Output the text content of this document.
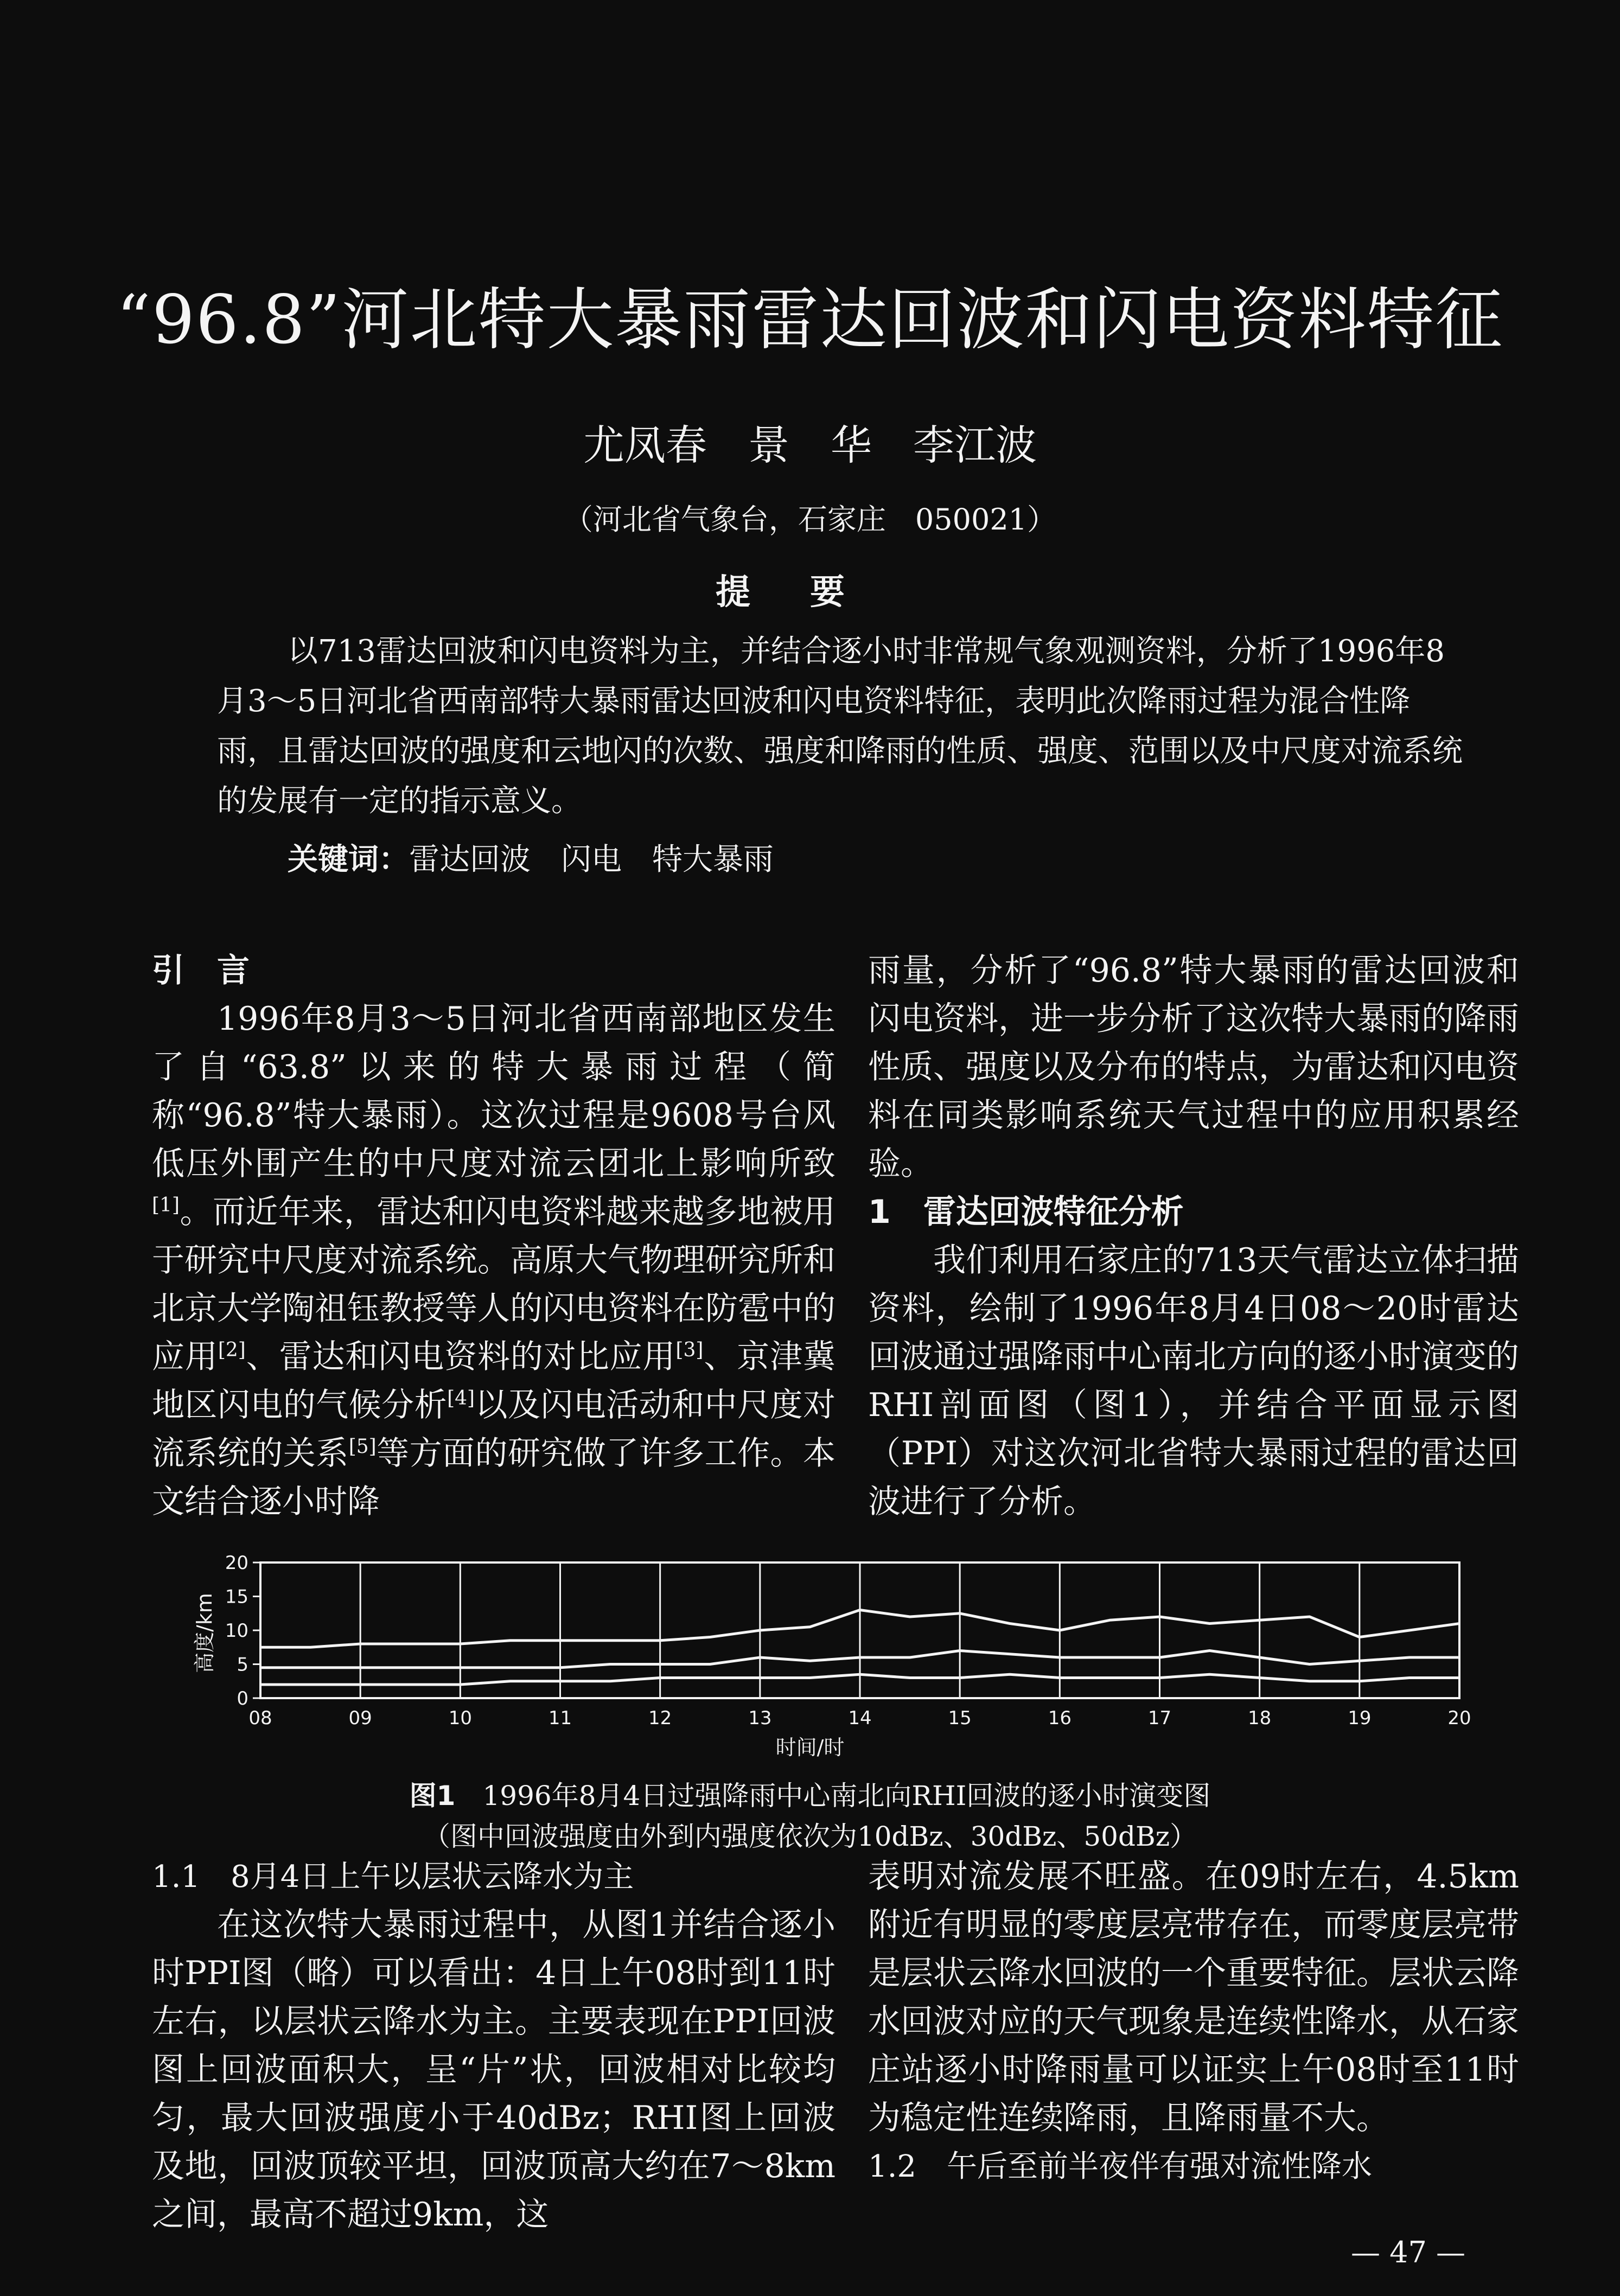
“96.8”河北特大暴雨雷达回波和闪电资料特征
尤凤春　景　华　李江波
（河北省气象台，石家庄　050021）
提要
以713雷达回波和闪电资料为主，并结合逐小时非常规气象观测资料，分析了1996年8月3～5日河北省西南部特大暴雨雷达回波和闪电资料特征，表明此次降雨过程为混合性降雨，且雷达回波的强度和云地闪的次数、强度和降雨的性质、强度、范围以及中尺度对流系统的发展有一定的指示意义。
关键词：雷达回波　闪电　特大暴雨
引　言

1996年8月3～5日河北省西南部地区发生了自“63.8”以来的特大暴雨过程（简称“96.8”特大暴雨）。这次过程是9608号台风低压外围产生的中尺度对流云团北上影响所致[1]。而近年来，雷达和闪电资料越来越多地被用于研究中尺度对流系统。高原大气物理研究所和北京大学陶祖钰教授等人的闪电资料在防雹中的应用[2]、雷达和闪电资料的对比应用[3]、京津冀地区闪电的气候分析[4]以及闪电活动和中尺度对流系统的关系[5]等方面的研究做了许多工作。本文结合逐小时降

雨量，分析了“96.8”特大暴雨的雷达回波和闪电资料，进一步分析了这次特大暴雨的降雨性质、强度以及分布的特点，为雷达和闪电资料在同类影响系统天气过程中的应用积累经验。

1　雷达回波特征分析

我们利用石家庄的713天气雷达立体扫描资料，绘制了1996年8月4日08～20时雷达回波通过强降雨中心南北方向的逐小时演变的RHI剖面图（图1），并结合平面显示图（PPI）对这次河北省特大暴雨过程的雷达回波进行了分析。

08	09	10	11	12	13	14	15	16	17	18	19	20
0
5
10
15
20
高度/km
时间/时
图1　 1996年8月4日过强降雨中心南北向RHI回波的逐小时演变图
（图中回波强度由外到内强度依次为10dBz、30dBz、50dBz）
1.1　8月4日上午以层状云降水为主

在这次特大暴雨过程中，从图1并结合逐小时PPI图（略）可以看出：4日上午08时到11时左右，以层状云降水为主。主要表现在PPI回波图上回波面积大，呈“片”状，回波相对比较均匀，最大回波强度小于40dBz；RHI图上回波及地，回波顶较平坦，回波顶高大约在7～8km之间，最高不超过9km，这

表明对流发展不旺盛。在09时左右，4.5km附近有明显的零度层亮带存在，而零度层亮带是层状云降水回波的一个重要特征。层状云降水回波对应的天气现象是连续性降水，从石家庄站逐小时降雨量可以证实上午08时至11时为稳定性连续降雨，且降雨量不大。

1.2　午后至前半夜伴有强对流性降水
— 47 —
